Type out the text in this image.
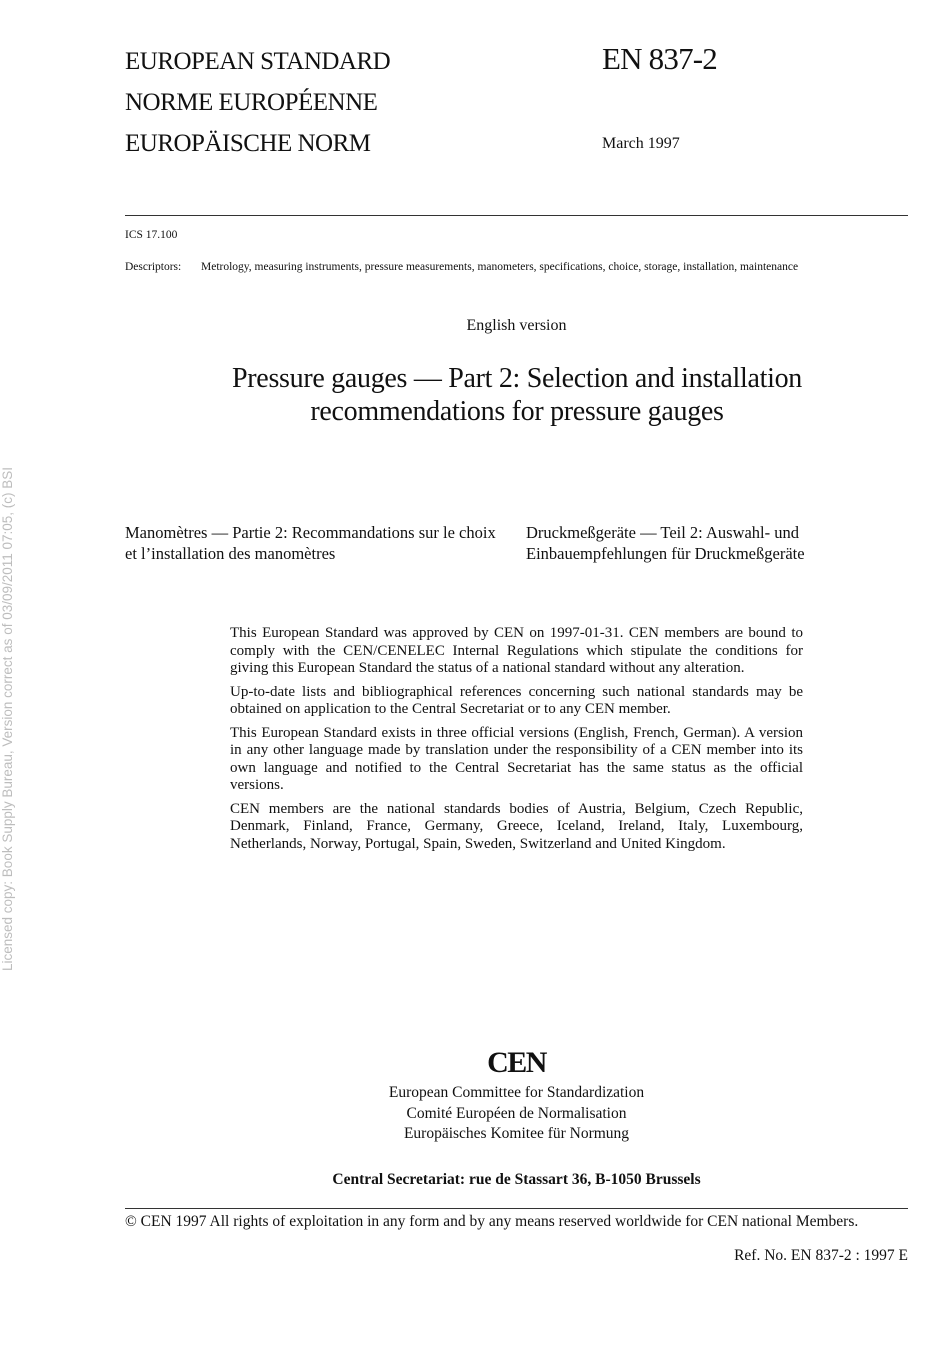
Licensed copy: Book Supply Bureau, Version correct as of 03/09/2011 07:05, (c) BSI
EUROPEAN STANDARD
NORME EUROPÉENNE
EUROPÄISCHE NORM
EN 837-2
March 1997
ICS 17.100
Descriptors: Metrology, measuring instruments, pressure measurements, manometers, specifications, choice, storage, installation, maintenance
English version
Pressure gauges — Part 2: Selection and installation
recommendations for pressure gauges
Manomètres — Partie 2: Recommandations sur le choix et l’installation des manomètres
Druckmeßgeräte — Teil 2: Auswahl- und Einbauempfehlungen für Druckmeßgeräte

This European Standard was approved by CEN on 1997-01-31. CEN members are bound to comply with the CEN/CENELEC Internal Regulations which stipulate the conditions for giving this European Standard the status of a national standard without any alteration.

Up-to-date lists and bibliographical references concerning such national standards may be obtained on application to the Central Secretariat or to any CEN member.

This European Standard exists in three official versions (English, French, German). A version in any other language made by translation under the responsibility of a CEN member into its own language and notified to the Central Secretariat has the same status as the official versions.

CEN members are the national standards bodies of Austria, Belgium, Czech Republic, Denmark, Finland, France, Germany, Greece, Iceland, Ireland, Italy, Luxembourg, Netherlands, Norway, Portugal, Spain, Sweden, Switzerland and United Kingdom.

CEN
European Committee for Standardization
Comité Européen de Normalisation
Europäisches Komitee für Normung
Central Secretariat: rue de Stassart 36, B-1050 Brussels
© CEN 1997 All rights of exploitation in any form and by any means reserved worldwide for CEN national Members.
Ref. No. EN 837-2 : 1997 E
